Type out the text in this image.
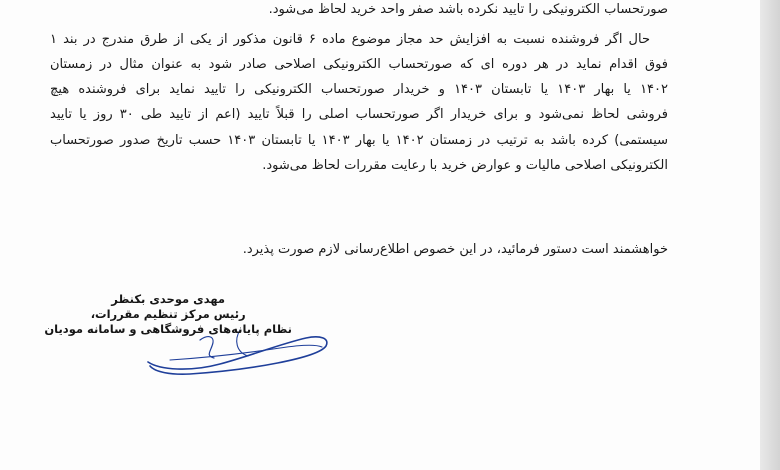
صورتحساب الکترونیکی را تایید نکرده باشد صفر واحد خرید لحاظ می‌شود.
حال اگر فروشنده نسبت به افزایش حد مجاز موضوع ماده ۶ قانون مذکور از یکی از طرق مندرج در بند ۱
فوق اقدام نماید در هر دوره ای که صورتحساب الکترونیکی اصلاحی صادر شود به عنوان مثال در زمستان
۱۴۰۲ یا بهار ۱۴۰۳ یا تابستان ۱۴۰۳ و خریدار صورتحساب الکترونیکی را تایید نماید برای فروشنده هیچ
فروشی لحاظ نمی‌شود و برای خریدار اگر صورتحساب اصلی را قبلاً تایید (اعم از تایید طی ۳۰ روز یا تایید
سیستمی) کرده باشد به ترتیب در زمستان ۱۴۰۲ یا بهار ۱۴۰۳ یا تابستان ۱۴۰۳ حسب تاریخ صدور صورتحساب
الکترونیکی اصلاحی مالیات و عوارض خرید با رعایت مقررات لحاظ می‌شود.
خواهشمند است دستور فرمائید، در این خصوص اطلاع‌رسانی لازم صورت پذیرد.
مهدی موحدی بکنظر
رئیس مرکز تنظیم مقررات،
نظام پایانه‌های فروشگاهی و سامانه مودیان
